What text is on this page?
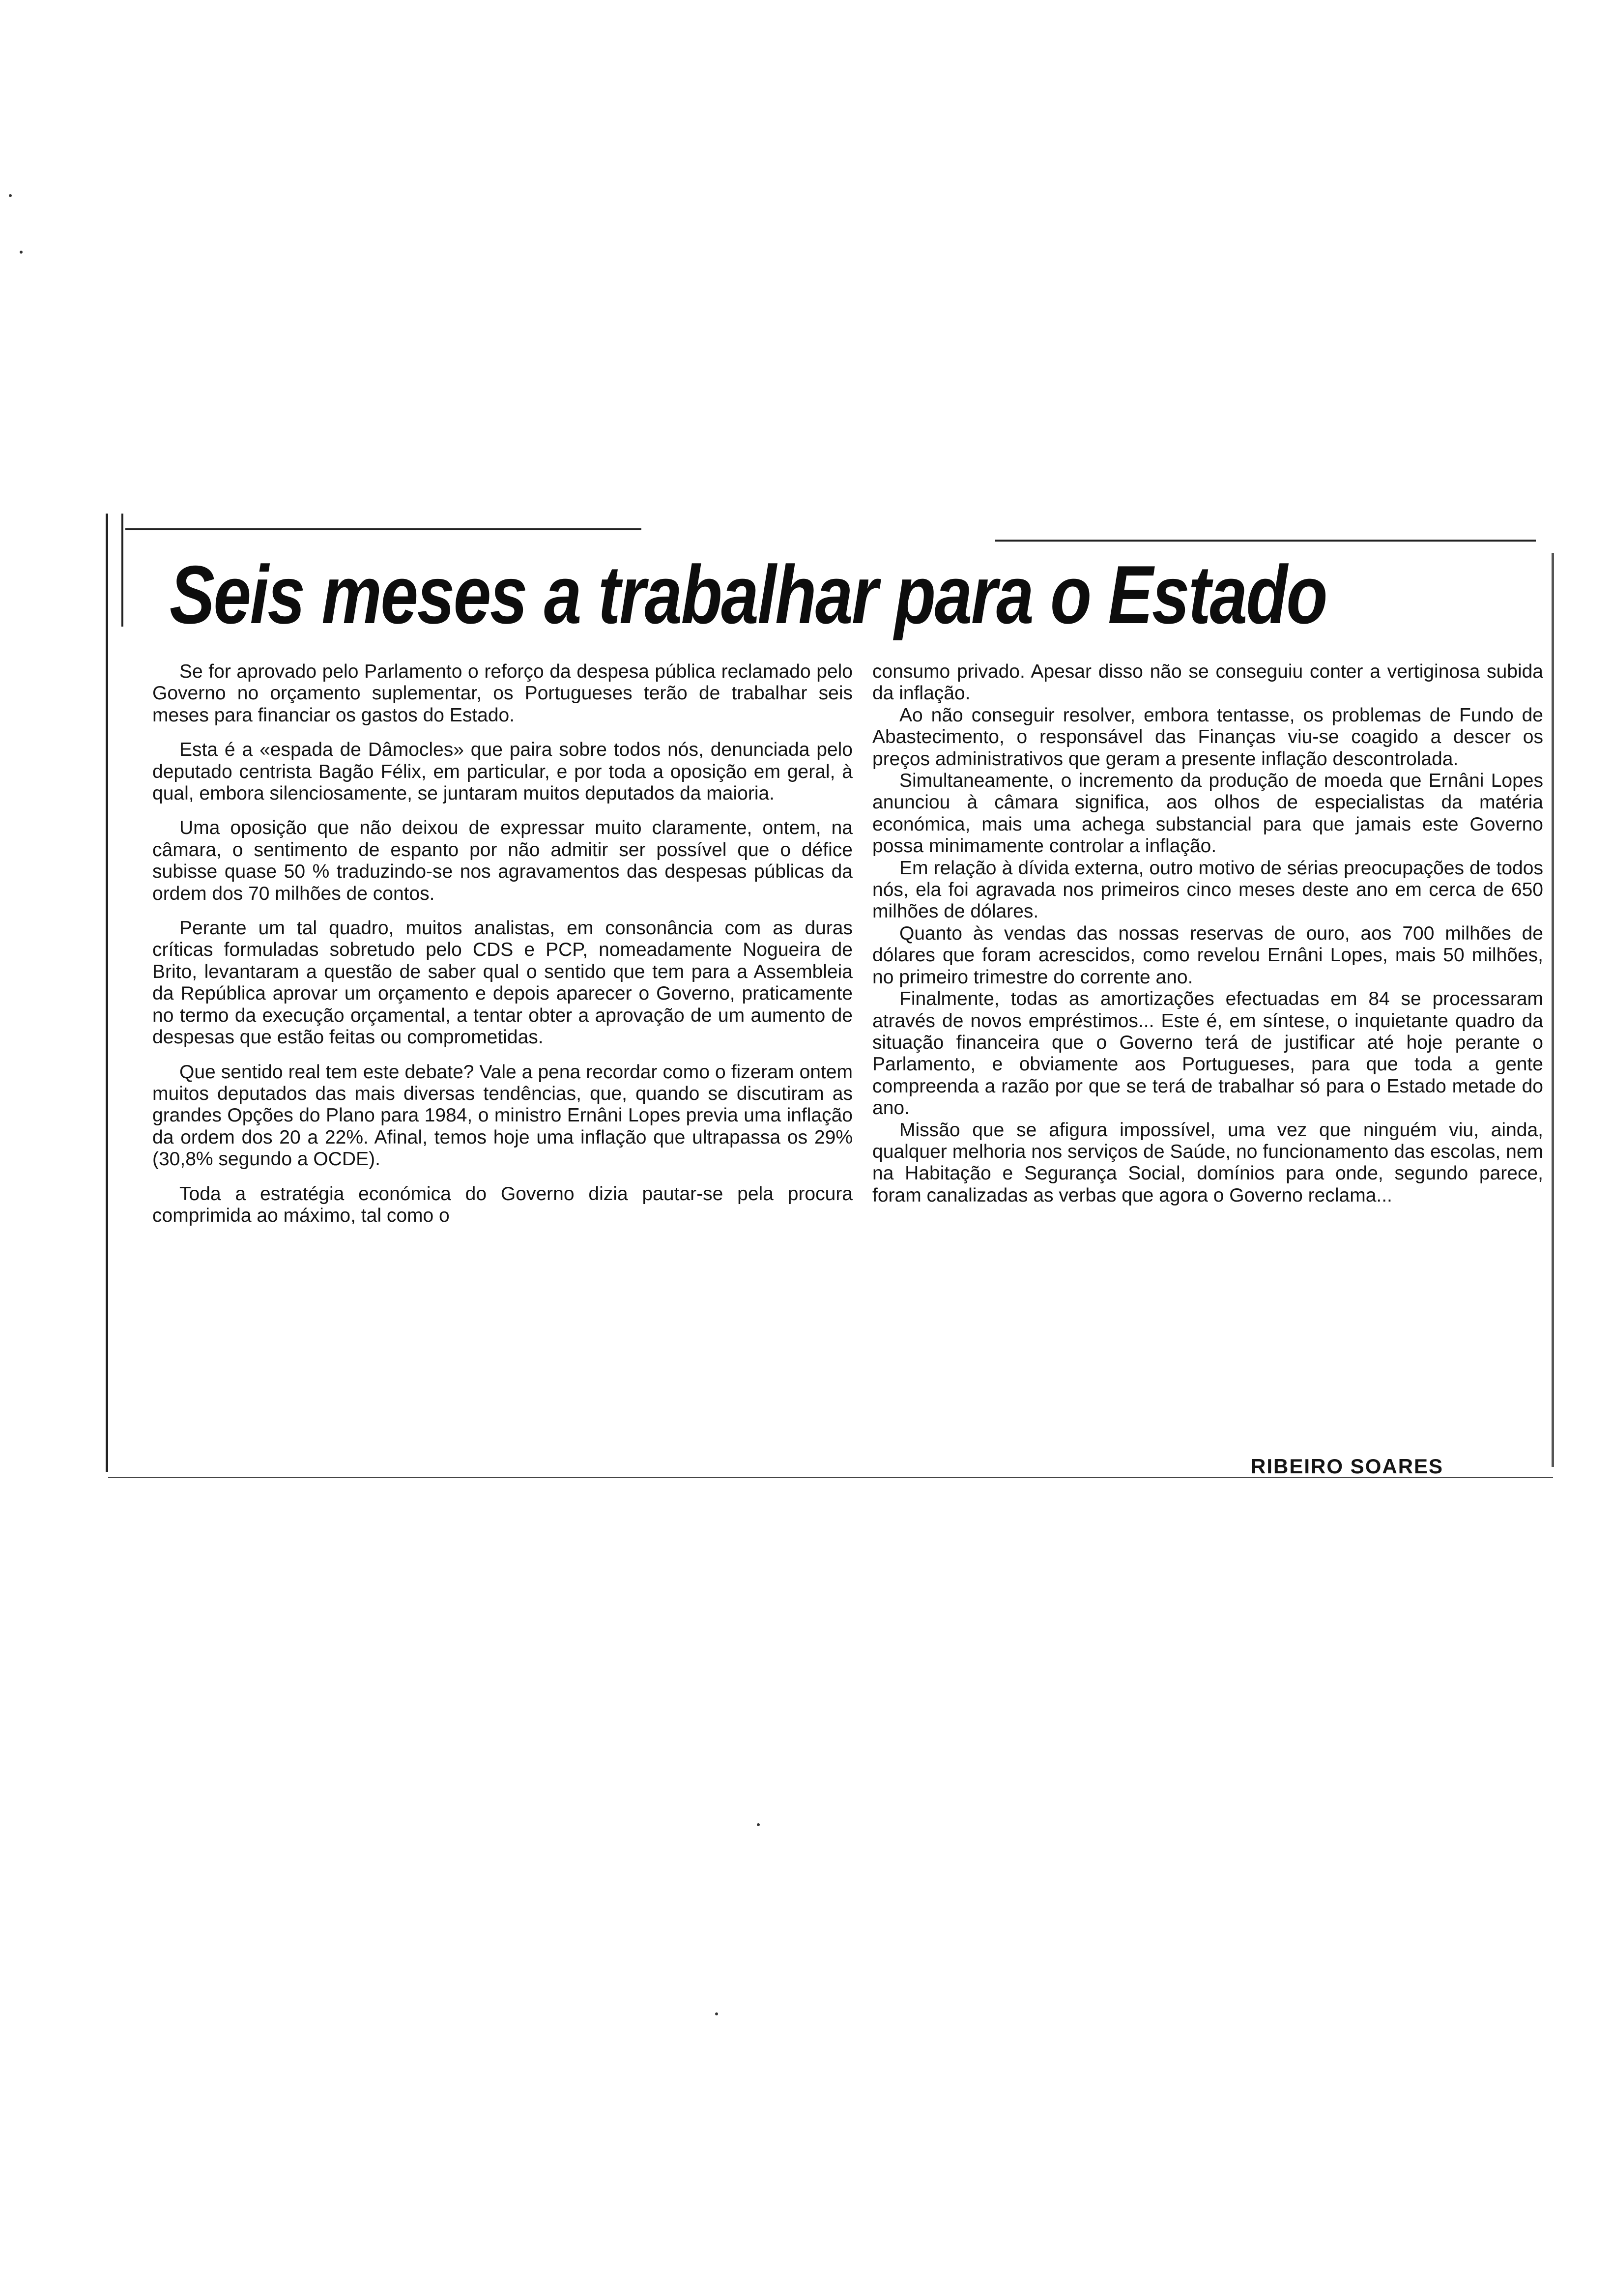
Seis meses a trabalhar para o Estado

Se for aprovado pelo Parlamento o reforço da despesa pública reclamado pelo Governo no orçamento suplementar, os Portugueses terão de trabalhar seis meses para financiar os gastos do Estado.

Esta é a «espada de Dâmocles» que paira sobre todos nós, denunciada pelo deputado centrista Bagão Félix, em particular, e por toda a oposição em geral, à qual, embora silenciosamente, se juntaram muitos deputados da maioria.

Uma oposição que não deixou de expressar muito claramente, ontem, na câmara, o sentimento de espanto por não admitir ser possível que o défice subisse quase 50 % traduzindo-se nos agravamentos das despesas públicas da ordem dos 70 milhões de contos.

Perante um tal quadro, muitos analistas, em consonância com as duras críticas formuladas sobretudo pelo CDS e PCP, nomeadamente Nogueira de Brito, levantaram a questão de saber qual o sentido que tem para a Assembleia da República aprovar um orçamento e depois aparecer o Governo, praticamente no termo da execução orçamental, a tentar obter a aprovação de um aumento de despesas que estão feitas ou comprometidas.

Que sentido real tem este debate? Vale a pena recordar como o fizeram ontem muitos deputados das mais diversas tendências, que, quando se discutiram as grandes Opções do Plano para 1984, o ministro Ernâni Lopes previa uma inflação da ordem dos 20 a 22%. Afinal, temos hoje uma inflação que ultrapassa os 29% (30,8% segundo a OCDE).

Toda a estratégia económica do Governo dizia pautar-se pela procura comprimida ao máximo, tal como o

consumo privado. Apesar disso não se conseguiu conter a vertiginosa subida da inflação.

Ao não conseguir resolver, embora tentasse, os problemas de Fundo de Abastecimento, o responsável das Finanças viu-se coagido a descer os preços administrativos que geram a presente inflação descontrolada.

Simultaneamente, o incremento da produção de moeda que Ernâni Lopes anunciou à câmara significa, aos olhos de especialistas da matéria económica, mais uma achega substancial para que jamais este Governo possa minimamente controlar a inflação.

Em relação à dívida externa, outro motivo de sérias preocupações de todos nós, ela foi agravada nos primeiros cinco meses deste ano em cerca de 650 milhões de dólares.

Quanto às vendas das nossas reservas de ouro, aos 700 milhões de dólares que foram acrescidos, como revelou Ernâni Lopes, mais 50 milhões, no primeiro trimestre do corrente ano.

Finalmente, todas as amortizações efectuadas em 84 se processaram através de novos empréstimos... Este é, em síntese, o inquietante quadro da situação financeira que o Governo terá de justificar até hoje perante o Parlamento, e obviamente aos Portugueses, para que toda a gente compreenda a razão por que se terá de trabalhar só para o Estado metade do ano.

Missão que se afigura impossível, uma vez que ninguém viu, ainda, qualquer melhoria nos serviços de Saúde, no funcionamento das escolas, nem na Habitação e Segurança Social, domínios para onde, segundo parece, foram canalizadas as verbas que agora o Governo reclama...

RIBEIRO SOARES
